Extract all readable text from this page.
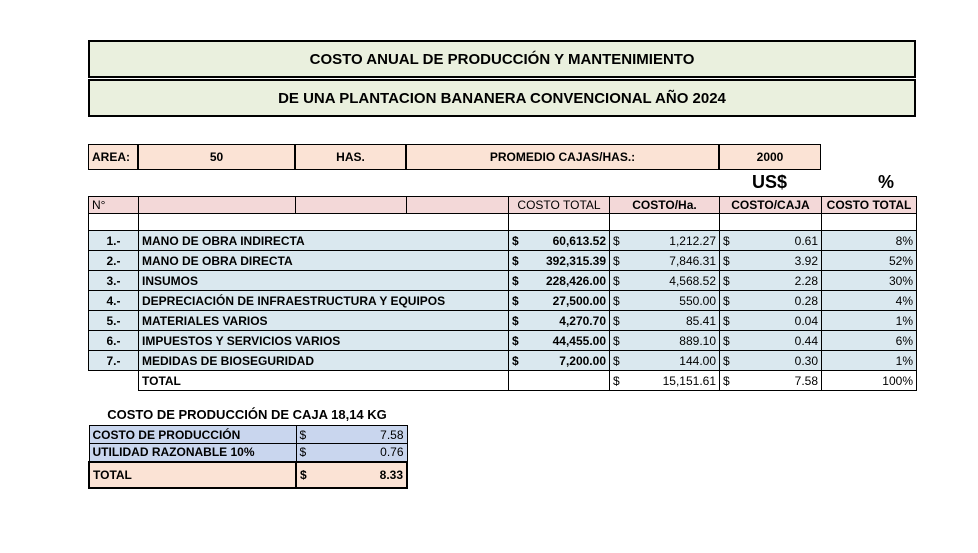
COSTO ANUAL DE PRODUCCIÓN Y MANTENIMIENTO
DE UNA PLANTACION BANANERA CONVENCIONAL AÑO 2024
AREA:	50	HAS.	PROMEDIO CAJAS/HAS.:	2000
US$	%
N°				COSTO TOTAL	COSTO/Ha.	COSTO/CAJA	COSTO TOTAL

1.-	MANO DE OBRA INDIRECTA			$ 60,613.52	$ 1,212.27	$ 0.61	8%
2.-	MANO DE OBRA DIRECTA			$ 392,315.39	$ 7,846.31	$ 3.92	52%
3.-	INSUMOS			$ 228,426.00	$ 4,568.52	$ 2.28	30%
4.-	DEPRECIACIÓN DE INFRAESTRUCTURA Y EQUIPOS			$ 27,500.00	$ 550.00	$ 0.28	4%
5.-	MATERIALES VARIOS			$ 4,270.70	$ 85.41	$ 0.04	1%
6.-	IMPUESTOS Y SERVICIOS VARIOS			$ 44,455.00	$ 889.10	$ 0.44	6%
7.-	MEDIDAS DE BIOSEGURIDAD			$ 7,200.00	$ 144.00	$ 0.30	1%
	TOTAL				$ 15,151.61	$ 7.58	100%
COSTO DE PRODUCCIÓN DE CAJA 18,14 KG
COSTO DE PRODUCCIÓN	$ 7.58

UTILIDAD RAZONABLE 10%	$ 0.76

TOTAL	$ 8.33
